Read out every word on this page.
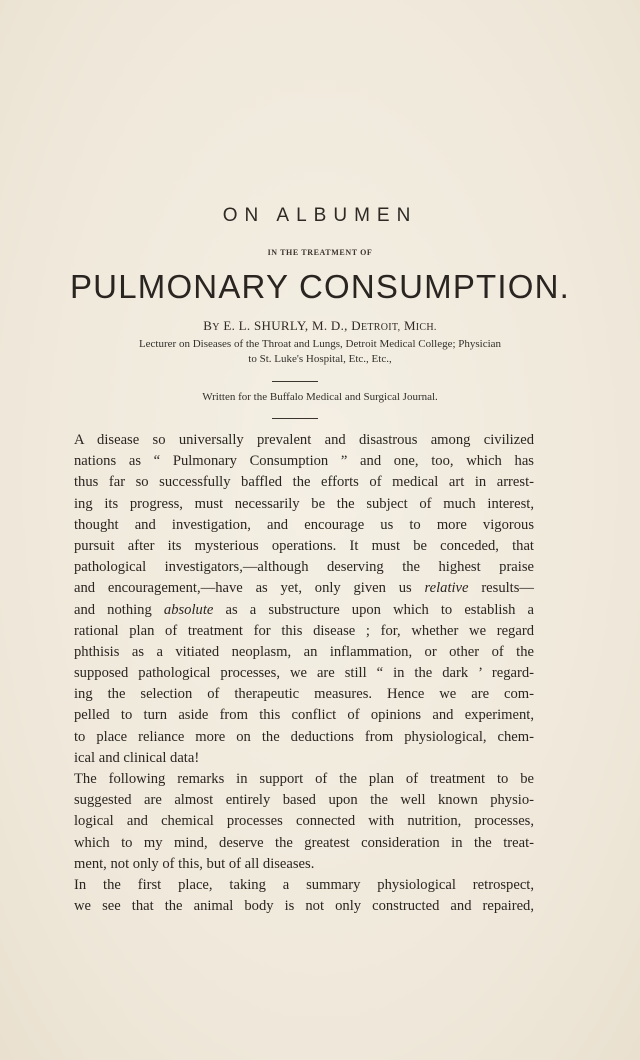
ON ALBUMEN
IN THE TREATMENT OF
PULMONARY CONSUMPTION.
BY E. L. SHURLY, M. D., DETROIT, MICH.
Lecturer on Diseases of the Throat and Lungs, Detroit Medical College; Physician
to St. Luke's Hospital, Etc., Etc.,
Written for the Buffalo Medical and Surgical Journal.
A disease so universally prevalent and disastrous among civilized
nations as “ Pulmonary Consumption ” and one, too, which has
thus far so successfully baffled the efforts of medical art in arrest-
ing its progress, must necessarily be the subject of much interest,
thought and investigation, and encourage us to more vigorous
pursuit after its mysterious operations. It must be conceded, that
pathological investigators,—although deserving the highest praise
and encouragement,—have as yet, only given us relative results—
and nothing absolute as a substructure upon which to establish a
rational plan of treatment for this disease ; for, whether we regard
phthisis as a vitiated neoplasm, an inflammation, or other of the
supposed pathological processes, we are still “ in the dark ’ regard-
ing the selection of therapeutic measures. Hence we are com-
pelled to turn aside from this conflict of opinions and experiment,
to place reliance more on the deductions from physiological, chem-
ical and clinical data!
The following remarks in support of the plan of treatment to be
suggested are almost entirely based upon the well known physio-
logical and chemical processes connected with nutrition, processes,
which to my mind, deserve the greatest consideration in the treat-
ment, not only of this, but of all diseases.
In the first place, taking a summary physiological retrospect,
we see that the animal body is not only constructed and repaired,
